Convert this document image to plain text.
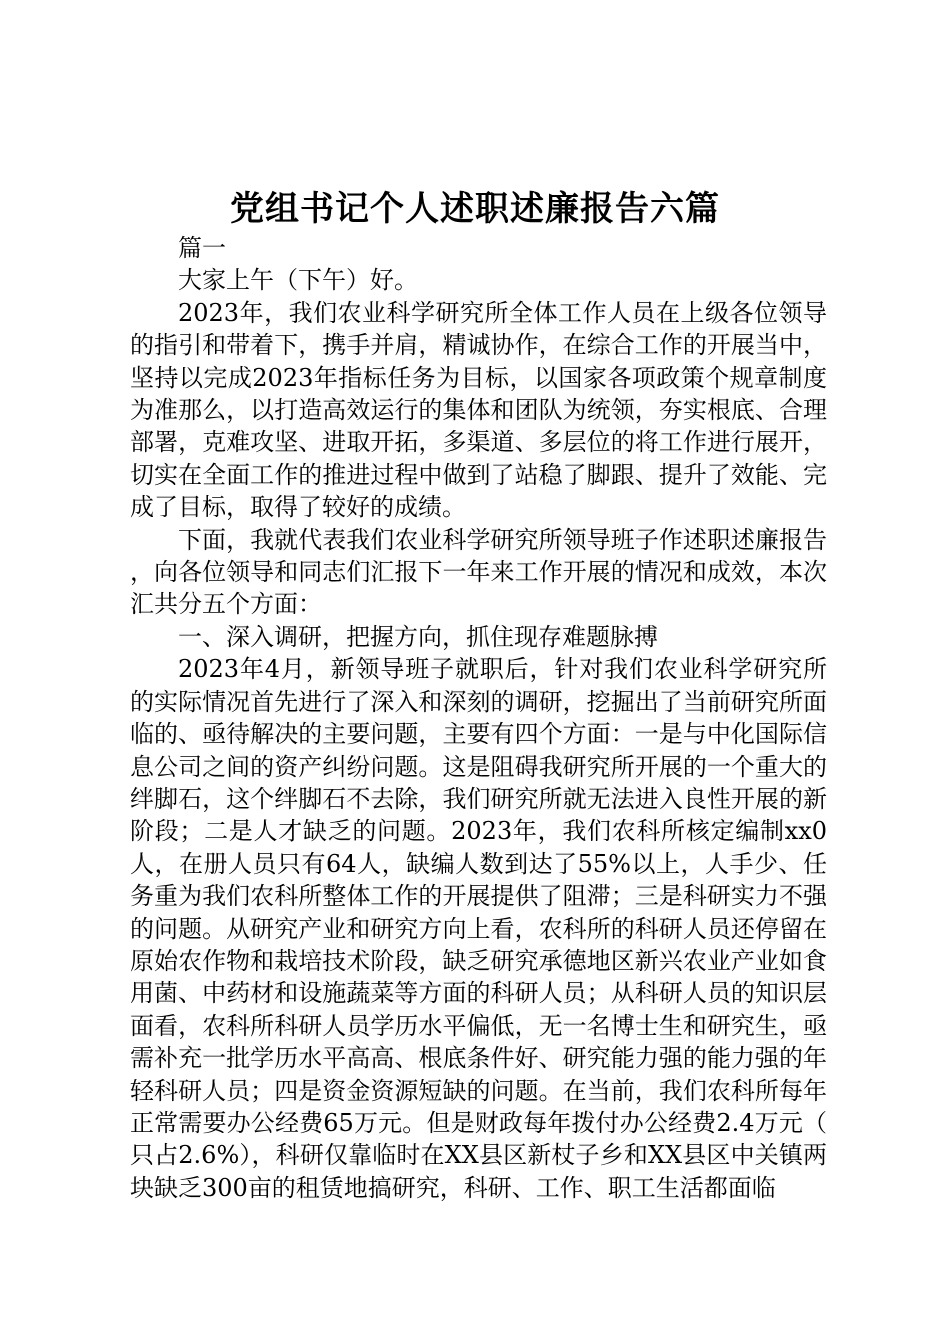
党组书记个人述职述廉报告六篇

篇一

大家上午（下午）好。

2023年，我们农业科学研究所全体工作人员在上级各位领导的指引和带着下，携手并肩，精诚协作，在综合工作的开展当中，坚持以完成2023年指标任务为目标，以国家各项政策个规章制度为准那么，以打造高效运行的集体和团队为统领，夯实根底、合理部署，克难攻坚、进取开拓，多渠道、多层位的将工作进行展开，切实在全面工作的推进过程中做到了站稳了脚跟、提升了效能、完成了目标，取得了较好的成绩。

下面，我就代表我们农业科学研究所领导班子作述职述廉报告，向各位领导和同志们汇报下一年来工作开展的情况和成效，本次汇共分五个方面：

一、深入调研，把握方向，抓住现存难题脉搏

2023年4月，新领导班子就职后，针对我们农业科学研究所的实际情况首先进行了深入和深刻的调研，挖掘出了当前研究所面临的、亟待解决的主要问题，主要有四个方面：一是与中化国际信息公司之间的资产纠纷问题。这是阻碍我研究所开展的一个重大的绊脚石，这个绊脚石不去除，我们研究所就无法进入良性开展的新阶段；二是人才缺乏的问题。2023年，我们农科所核定编制xx0人，在册人员只有64人，缺编人数到达了55%以上，人手少、任务重为我们农科所整体工作的开展提供了阻滞；三是科研实力不强的问题。从研究产业和研究方向上看，农科所的科研人员还停留在原始农作物和栽培技术阶段，缺乏研究承德地区新兴农业产业如食用菌、中药材和设施蔬菜等方面的科研人员；从科研人员的知识层面看，农科所科研人员学历水平偏低，无一名博士生和研究生，亟需补充一批学历水平高高、根底条件好、研究能力强的能力强的年轻科研人员；四是资金资源短缺的问题。在当前，我们农科所每年正常需要办公经费65万元。但是财政每年拨付办公经费2.4万元（只占2.6%），科研仅靠临时在XX县区新杖子乡和XX县区中关镇两块缺乏300亩的租赁地搞研究，科研、工作、职工生活都面临
